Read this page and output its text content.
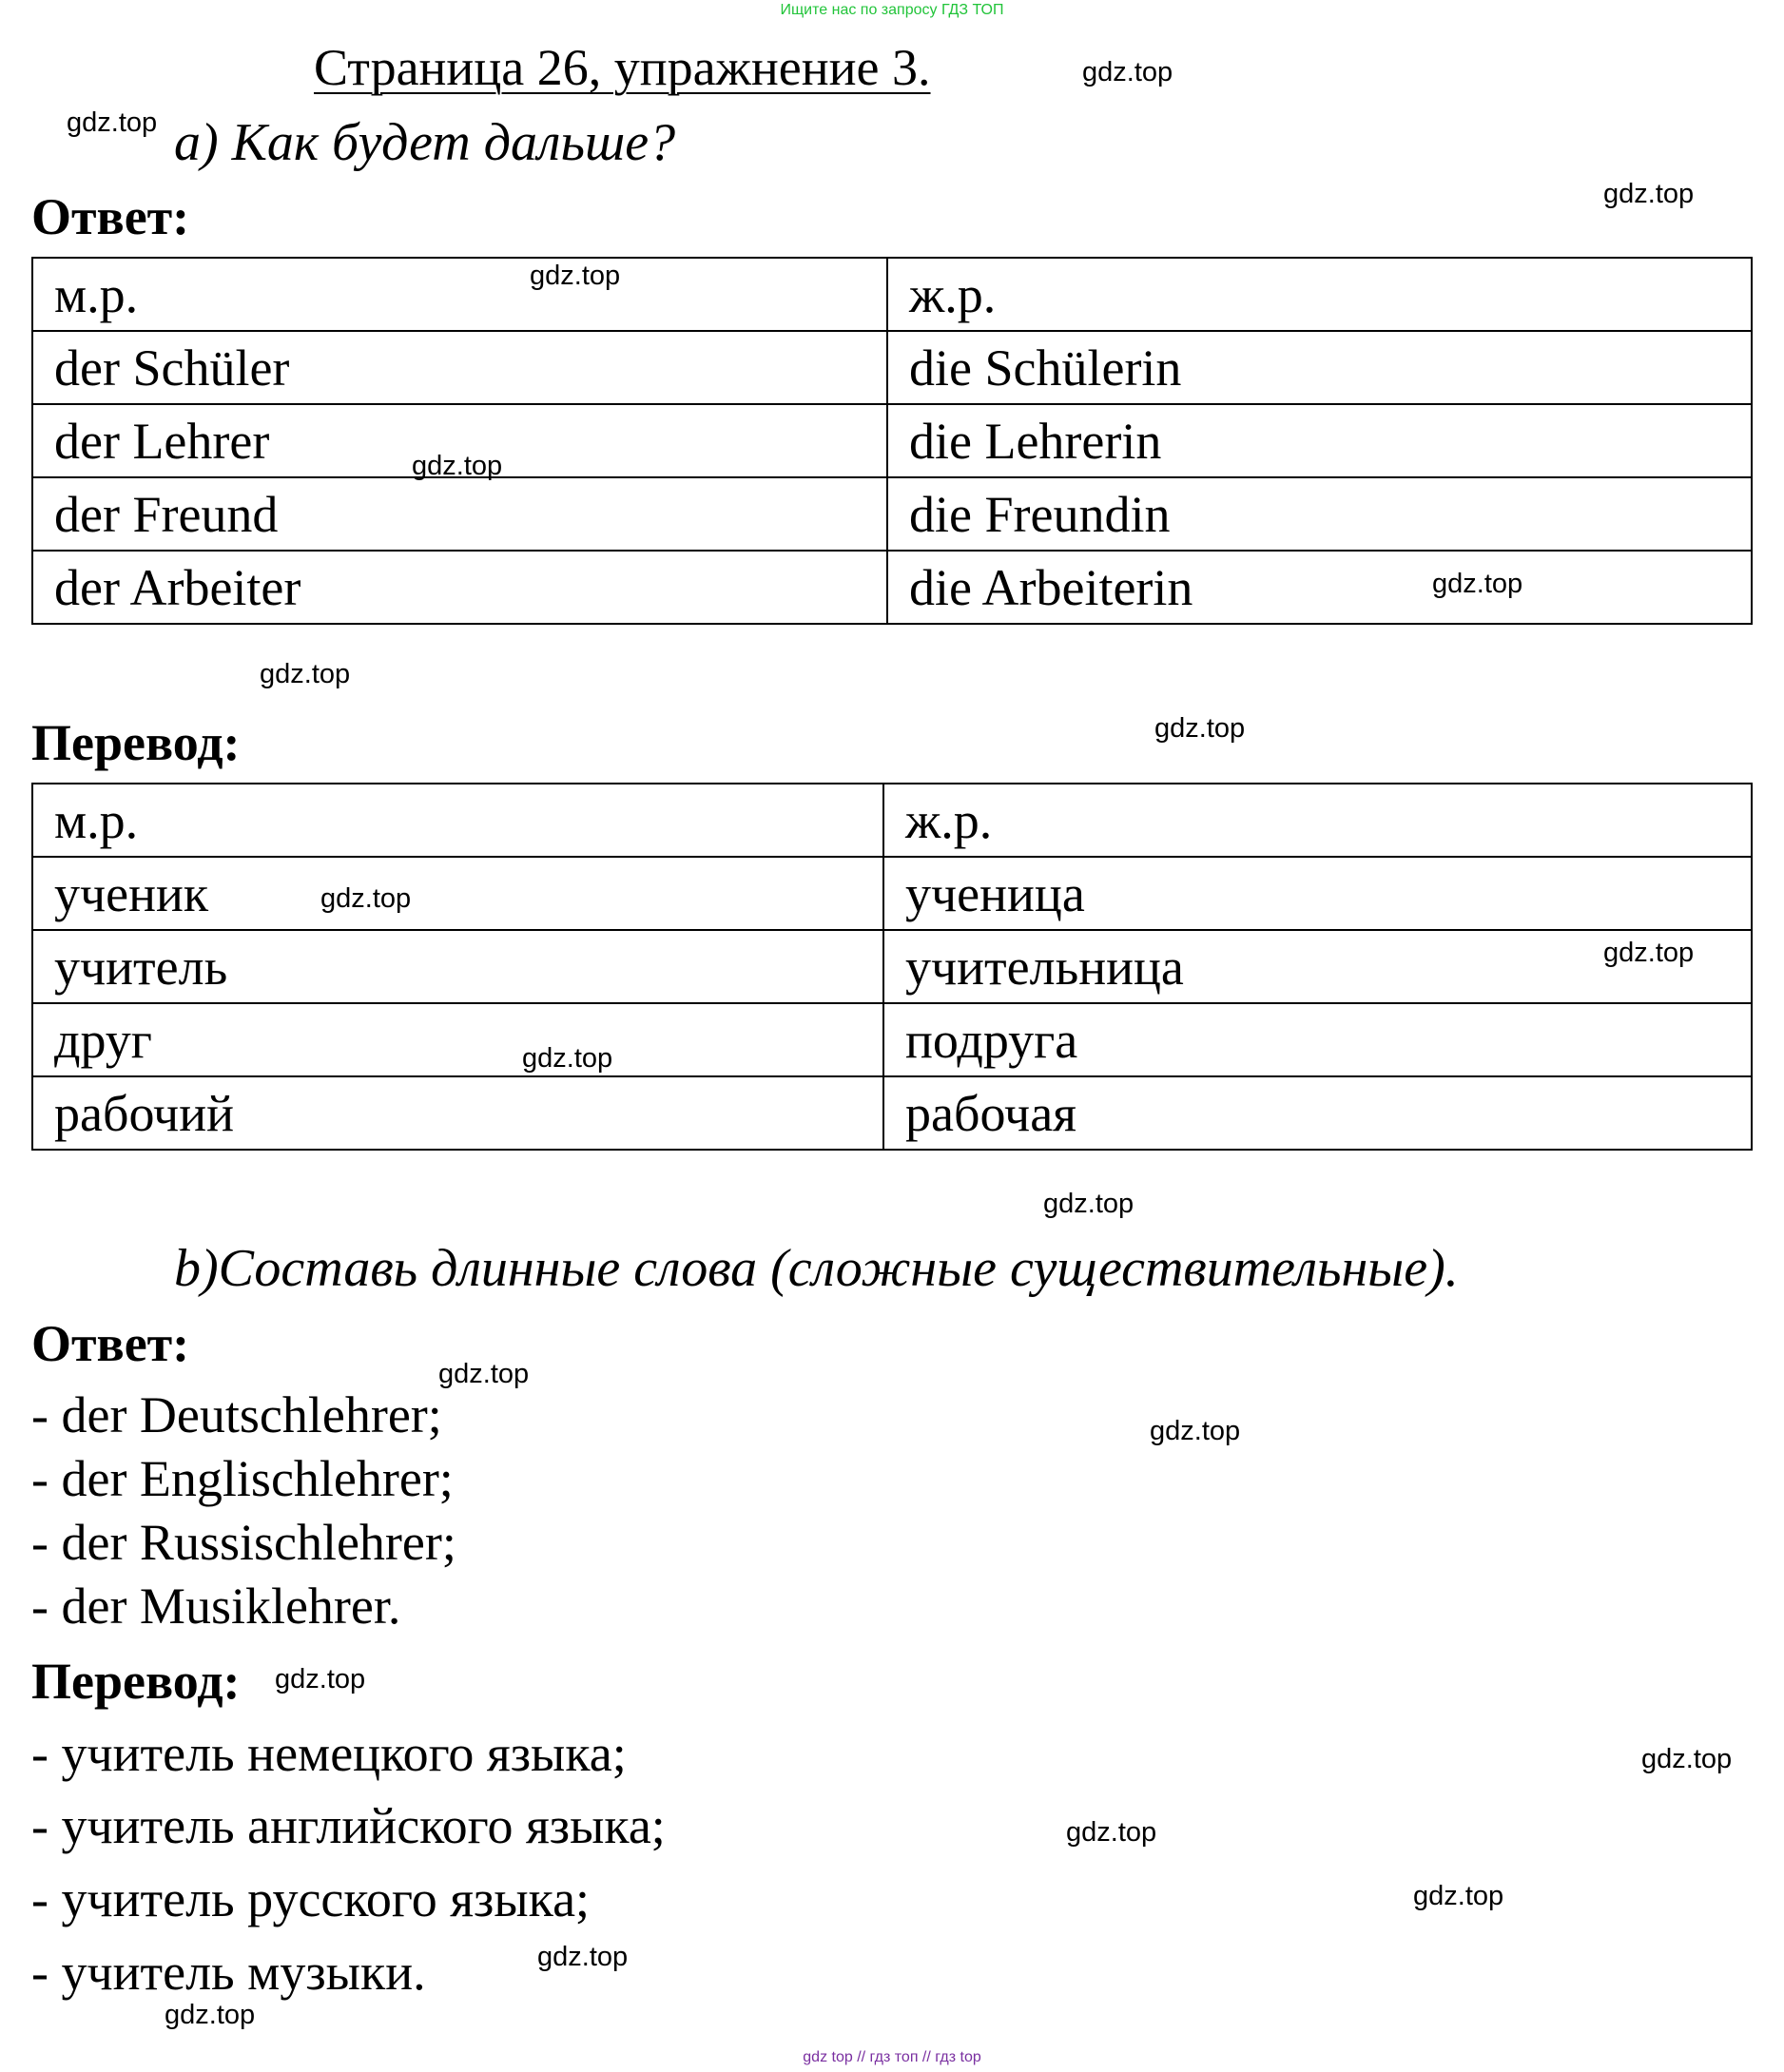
Ищите нас по запросу ГДЗ ТОП
Страница 26, упражнение 3.
a) Как будет дальше?
Ответ:
м.р.	ж.р.
der Schüler	die Schülerin
der Lehrer	die Lehrerin
der Freund	die Freundin
der Arbeiter	die Arbeiterin
Перевод:
м.р.	ж.р.
ученик	ученица
учитель	учительница
друг	подруга
рабочий	рабочая
b)Составь длинные слова (сложные существительные).
Ответ:
- der Deutschlehrer;
- der Englischlehrer;
- der Russischlehrer;
- der Musiklehrer.
Перевод:
- учитель немецкого языка;
- учитель английского языка;
- учитель русского языка;
- учитель музыки.
gdz.top
gdz.top
gdz.top
gdz.top
gdz.top
gdz.top
gdz.top
gdz.top
gdz.top
gdz.top
gdz.top
gdz.top
gdz.top
gdz.top
gdz.top
gdz.top
gdz.top
gdz.top
gdz.top
gdz.top
gdz top // гдз топ // гдз top
